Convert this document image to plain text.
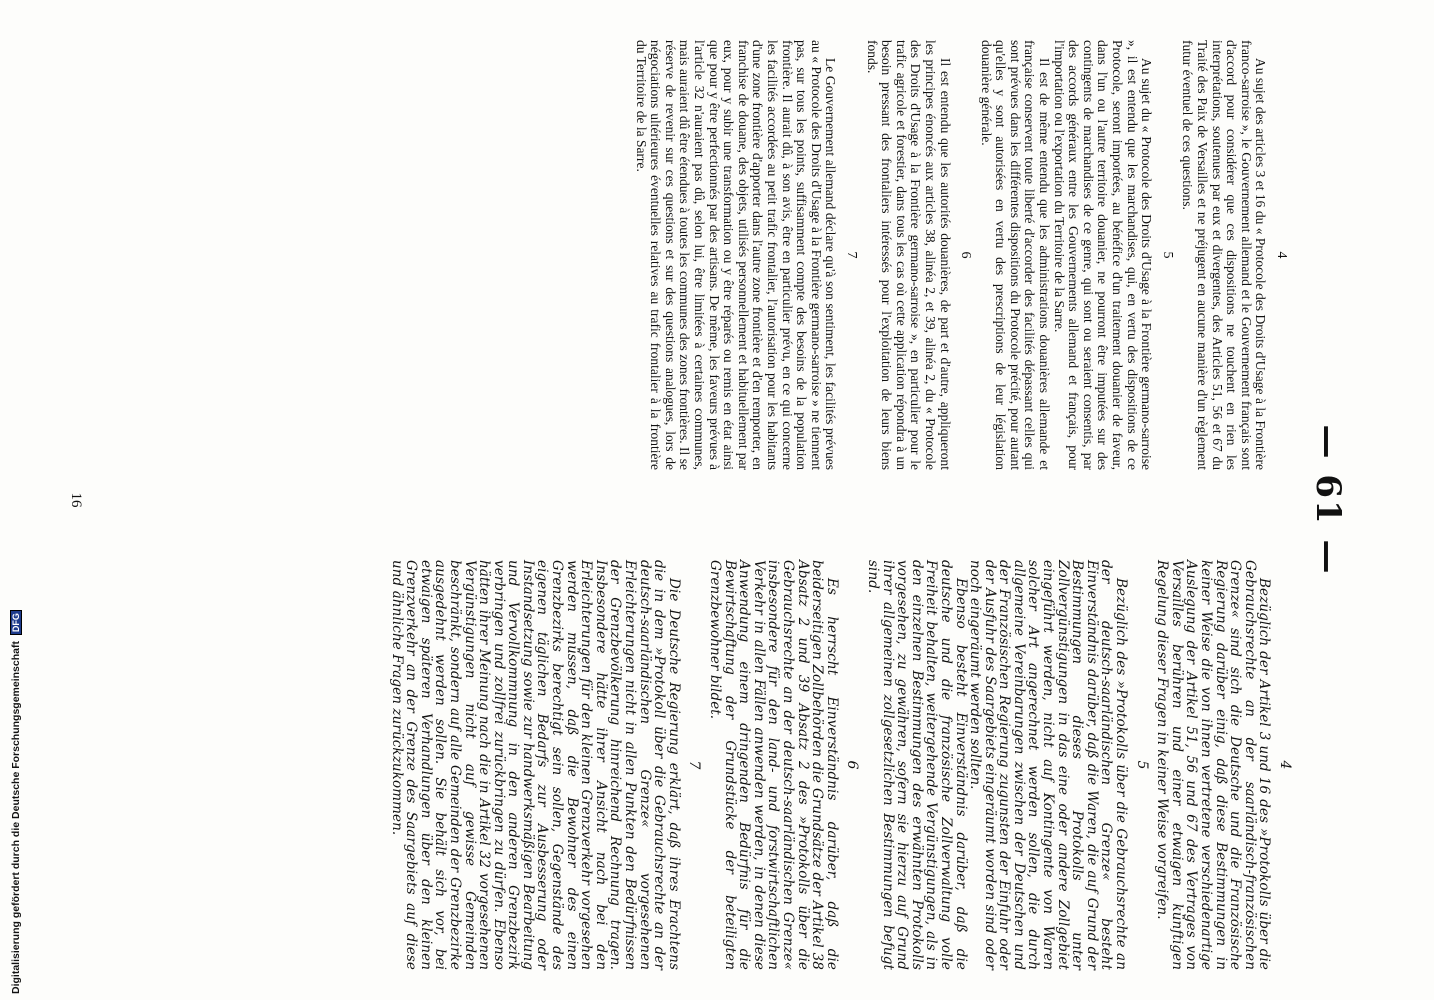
— 61 —
4

Au sujet des articles 3 et 16 du « Protocole des Droits d'Usage à la Frontière franco-sarroise », le Gouvernement allemand et le Gouvernement français sont d'accord pour considérer que ces dispositions ne touchent en rien les interprétations, soutenues par eux et divergentes, des Articles 51, 56 et 67 du Traité des Paix de Versailles et ne préjugent en aucune manière d'un règlement futur éventuel de ces questions.

5

Au sujet du « Protocole des Droits d'Usage à la Frontière germano-sarroise », il est entendu que les marchandises, qui, en vertu des dispositions de ce Protocole, seront importées, au bénéfice d'un traitement douanier de faveur, dans l'un ou l'autre territoire douanier, ne pourront être imputées sur des contingents de marchandises de ce genre, qui sont ou seraient consentis, par des accords généraux entre les Gouvernements allemand et français, pour l'importation ou l'exportation du Territoire de la Sarre.

Il est de même entendu que les administrations douanières allemande et française conservent toute liberté d'accorder des facilités dépassant celles qui sont prévues dans les différentes dispositions du Protocole précité, pour autant qu'elles y sont autorisées en vertu des prescriptions de leur législation douanière générale.

6

Il est entendu que les autorités douanières, de part et d'autre, appliqueront les principes énoncés aux articles 38, alinéa 2, et 39, alinéa 2, du « Protocole des Droits d'Usage à la Frontière germano-sarroise », en particulier pour le trafic agricole et forestier, dans tous les cas où cette application répondra à un besoin pressant des frontaliers intéressés pour l'exploitation de leurs biens fonds.

7

Le Gouvernement allemand déclare qu'à son sentiment, les facilités prévues au « Protocole des Droits d'Usage à la Frontière germano-sarroise » ne tiennent pas, sur tous les points, suffisamment compte des besoins de la population frontière. Il aurait dû, à son avis, être en particulier prévu, en ce qui concerne les facilités accordées au petit trafic frontalier, l'autorisation pour les habitants d'une zone frontière d'apporter dans l'autre zone frontière et d'en remporter, en franchise de douane, des objets, utilisés personnellement et habituellement par eux, pour y subir une transformation ou y être réparés ou remis en état ainsi que pour y être perfectionnés par des artisans. De même, les faveurs prévues à l'article 32 n'auraient pas dû, selon lui, être limitées à certaines communes, mais auraient dû être étendues à toutes les communes des zones frontières. Il se réserve de revenir sur ces questions et sur des questions analogues, lors de négociations ultérieures éventuelles relatives au trafic frontalier à la frontière du Territoire de la Sarre.

4

Bezüglich der Artikel 3 und 16 des »Protokolls über die Gebrauchsrechte an der saarländisch-französischen Grenze« sind sich die Deutsche und die Französische Regierung darüber einig, daß diese Bestimmungen in keiner Weise die von ihnen vertretene verschiedenartige Auslegung der Artikel 51, 56 und 67 des Vertrages von Versailles berühren und einer etwaigen künftigen Regelung dieser Fragen in keiner Weise vorgreifen.

5

Bezüglich des »Protokolls über die Gebrauchsrechte an der deutsch-saarländischen Grenze« besteht Einverständnis darüber, daß die Waren, die auf Grund der Bestimmungen dieses Protokolls unter Zollvergünstigungen in das eine oder andere Zollgebiet eingeführt werden, nicht auf Kontingente von Waren solcher Art angerechnet werden sollen, die durch allgemeine Vereinbarungen zwischen der Deutschen und der Französischen Regierung zugunsten der Einfuhr oder der Ausfuhr des Saargebiets eingeräumt worden sind oder noch eingeräumt werden sollten.

Ebenso besteht Einverständnis darüber, daß die deutsche und die französische Zollverwaltung volle Freiheit behalten, weitergehende Vergünstigungen, als in den einzelnen Bestimmungen des erwähnten Protokolls vorgesehen, zu gewähren, sofern sie hierzu auf Grund ihrer allgemeinen zollgesetzlichen Bestimmungen befugt sind.

6

Es herrscht Einverständnis darüber, daß die beiderseitigen Zollbehörden die Grundsätze der Artikel 38 Absatz 2 und 39 Absatz 2 des »Protokolls über die Gebrauchsrechte an der deutsch-saarländischen Grenze« insbesondere für den land- und forstwirtschaftlichen Verkehr in allen Fällen anwenden werden, in denen diese Anwendung einem dringenden Bedürfnis für die Bewirtschaftung der Grundstücke der beteiligten Grenzbewohner bildet.

7

Die Deutsche Regierung erklärt, daß ihres Erachtens die in dem »Protokoll über die Gebrauchsrechte an der deutsch-saarländischen Grenze« vorgesehenen Erleichterungen nicht in allen Punkten den Bedürfnissen der Grenzbevölkerung hinreichend Rechnung tragen. Insbesondere hätte ihrer Ansicht nach bei den Erleichterungen für den kleinen Grenzverkehr vorgesehen werden müssen, daß die Bewohner des einen Grenzbezirks berechtigt sein sollen, Gegenstände des eigenen täglichen Bedarfs zur Ausbesserung oder Instandsetzung sowie zur handwerksmäßigen Bearbeitung und Vervollkommnung in den anderen Grenzbezirk verbringen und zollfrei zurückbringen zu dürfen. Ebenso hätten ihrer Meinung nach die in Artikel 32 vorgesehenen Vergünstigungen nicht auf gewisse Gemeinden beschränkt, sondern auf alle Gemeinden der Grenzbezirke ausgedehnt werden sollen. Sie behält sich vor, bei etwaigen späteren Verhandlungen über den kleinen Grenzverkehr an der Grenze des Saargebiets auf diese und ähnliche Fragen zurückzukommen.

16
Digitalisierung gefördert durch die Deutsche Forschungsgemeinschaft DFG
